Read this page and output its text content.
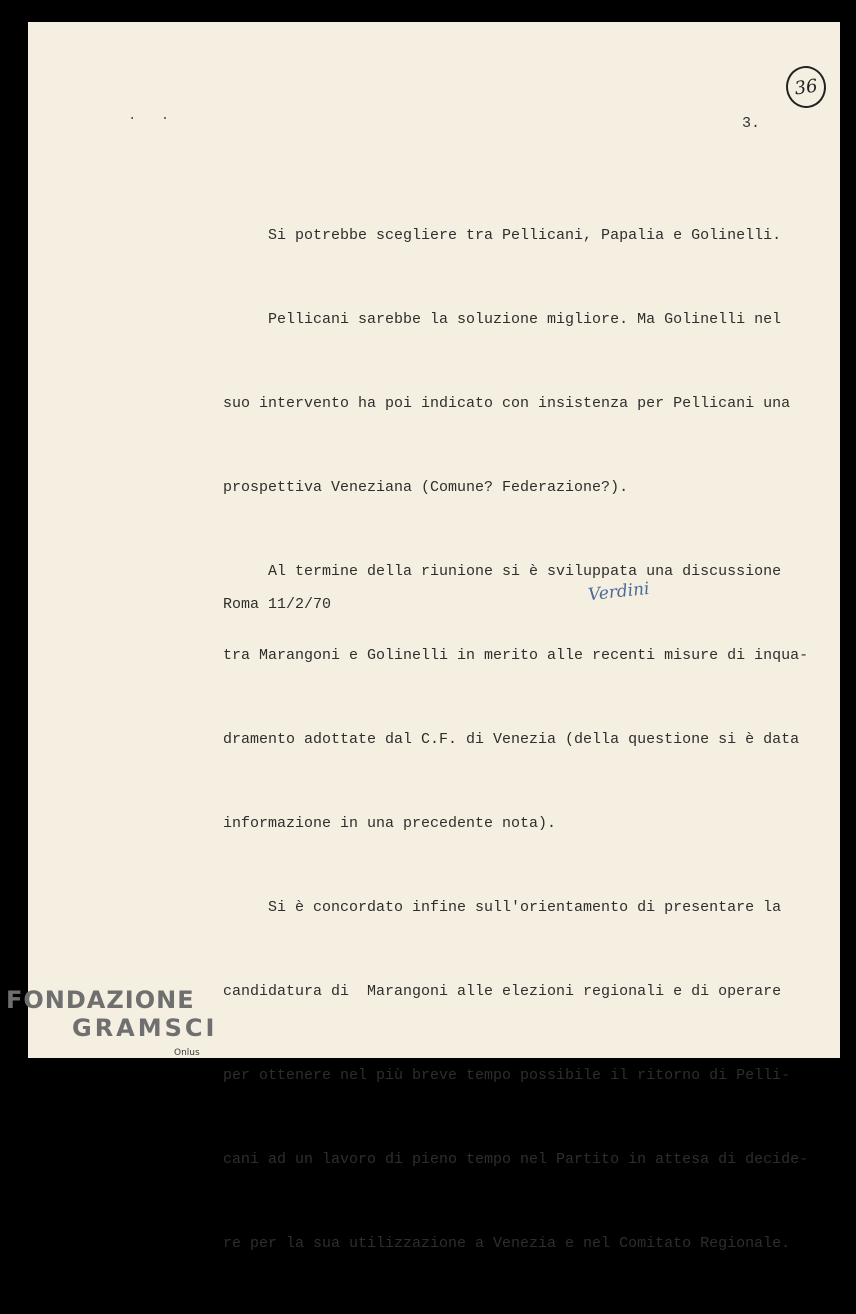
. .
36
3.

Si potrebbe scegliere tra Pellicani, Papalia e Golinelli.

Pellicani sarebbe la soluzione migliore. Ma Golinelli nel

suo intervento ha poi indicato con insistenza per Pellicani una

prospettiva Veneziana (Comune? Federazione?).

Al termine della riunione si è sviluppata una discussione

tra Marangoni e Golinelli in merito alle recenti misure di inqua-

dramento adottate dal C.F. di Venezia (della questione si è data

informazione in una precedente nota).

Si è concordato infine sull'orientamento di presentare la

candidatura di  Marangoni alle elezioni regionali e di operare

per ottenere nel più breve tempo possibile il ritorno di Pelli-

cani ad un lavoro di pieno tempo nel Partito in attesa di decide-

re per la sua utilizzazione a Venezia e nel Comitato Regionale.

Roma 11/2/70	Verdini
FONDAZIONE
GRAMSCI
Onlus
